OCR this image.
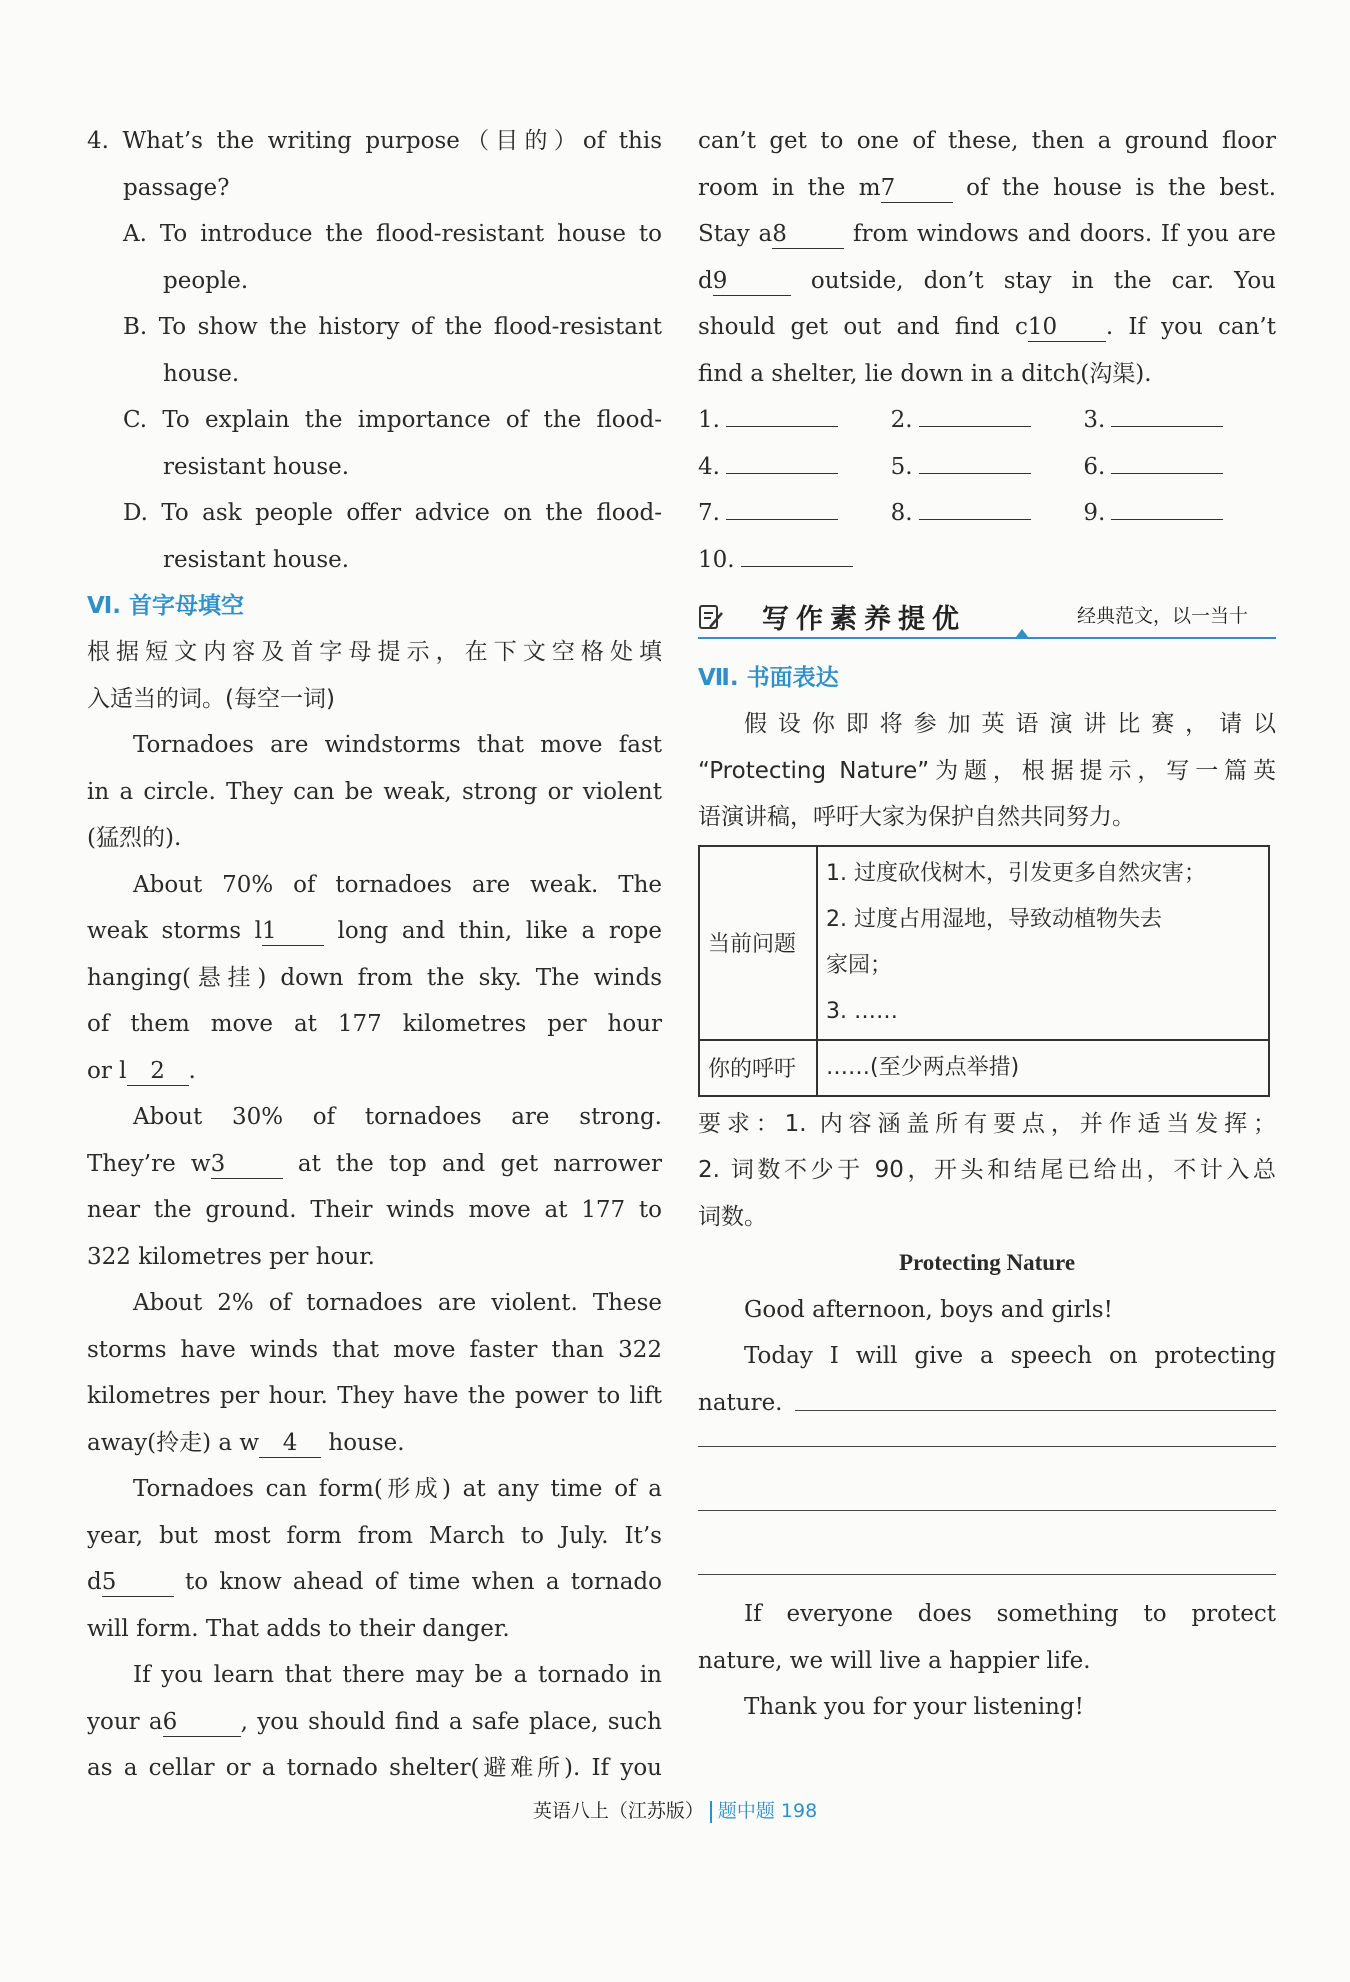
4. What’s the writing purpose（目的）of this
passage?
A. To introduce the flood-resistant house to
people.
B. To show the history of the flood-resistant
house.
C. To explain the importance of the flood-
resistant house.
D. To ask people offer advice on the flood-
resistant house.
Ⅵ. 首字母填空
根据短文内容及首字母提示，在下文空格处填
入适当的词。(每空一词)
Tornadoes are windstorms that move fast
in a circle. They can be weak, strong or violent
(猛烈的).
About 70% of tornadoes are weak. The
weak storms l1	long and thin, like a rope
hanging(悬挂) down from the sky. The winds
of them move at 177 kilometres per hour
or l 2 .
About 30% of tornadoes are strong.
They’re w3	at the top and get narrower
near the ground. Their winds move at 177 to
322 kilometres per hour.
About 2% of tornadoes are violent. These
storms have winds that move faster than 322
kilometres per hour. They have the power to lift
away(拎走) a w 4 house.
Tornadoes can form(形成) at any time of a
year, but most form from March to July. It’s
d5	to know ahead of time when a tornado
will form. That adds to their danger.
If you learn that there may be a tornado in
your a6	, you should find a safe place, such
as a cellar or a tornado shelter(避难所). If you
can’t get to one of these, then a ground floor
room in the m7	of the house is the best.
Stay a8	from windows and doors. If you are
d9	outside, don’t stay in the car. You
should get out and find c10 . If you can’t
find a shelter, lie down in a ditch(沟渠).
1.	2.	3.
4.	5.	6.
7.	8.	9.
10.
写作素养提优	经典范文，以一当十
Ⅶ. 书面表达
假设你即将参加英语演讲比赛，请以
“Protecting Nature”为题，根据提示，写一篇英
语演讲稿，呼吁大家为保护自然共同努力。
当前问题	1. 过度砍伐树木，引发更多自然灾害；
2. 过度占用湿地，导致动植物失去
家园；
3. ……

你的呼吁	……(至少两点举措)
要求：1. 内容涵盖所有要点，并作适当发挥；
2. 词数不少于 90，开头和结尾已给出，不计入总
词数。
Protecting Nature
Good afternoon, boys and girls!
Today I will give a speech on protecting
nature.
If everyone does something to protect
nature, we will live a happier life.
Thank you for your listening!
英语八上（江苏版） 题中题 198
